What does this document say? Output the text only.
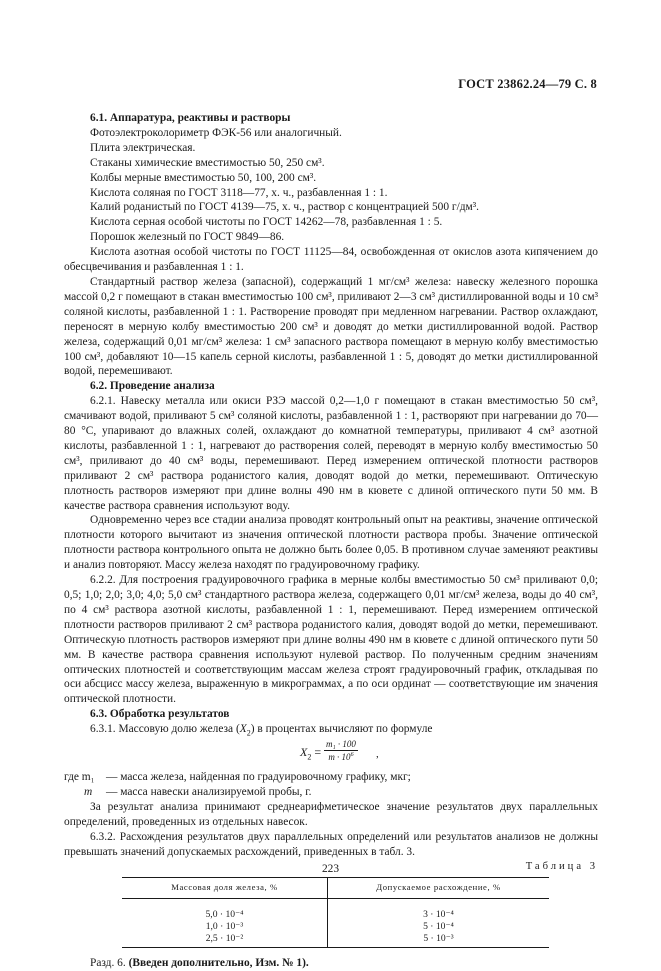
ГОСТ 23862.24—79 С. 8

6.1. Аппаратура, реактивы и растворы

Фотоэлектроколориметр ФЭК-56 или аналогичный.

Плита электрическая.

Стаканы химические вместимостью 50, 250 см³.

Колбы мерные вместимостью 50, 100, 200 см³.

Кислота соляная по ГОСТ 3118—77, х. ч., разбавленная 1 : 1.

Калий роданистый по ГОСТ 4139—75, х. ч., раствор с концентрацией 500 г/дм³.

Кислота серная особой чистоты по ГОСТ 14262—78, разбавленная 1 : 5.

Порошок железный по ГОСТ 9849—86.

Кислота азотная особой чистоты по ГОСТ 11125—84, освобожденная от окислов азота кипячением до обесцвечивания и разбавленная 1 : 1.

Стандартный раствор железа (запасной), содержащий 1 мг/см³ железа: навеску железного порошка массой 0,2 г помещают в стакан вместимостью 100 см³, приливают 2—3 см³ дистиллированной воды и 10 см³ соляной кислоты, разбавленной 1 : 1. Растворение проводят при медленном нагревании. Раствор охлаждают, переносят в мерную колбу вместимостью 200 см³ и доводят до метки дистиллированной водой. Раствор железа, содержащий 0,01 мг/см³ железа: 1 см³ запасного раствора помещают в мерную колбу вместимостью 100 см³, добавляют 10—15 капель серной кислоты, разбавленной 1 : 5, доводят до метки дистиллированной водой, перемешивают.

6.2. Проведение анализа

6.2.1. Навеску металла или окиси РЗЭ массой 0,2—1,0 г помещают в стакан вместимостью 50 см³, смачивают водой, приливают 5 см³ соляной кислоты, разбавленной 1 : 1, растворяют при нагревании до 70—80 °С, упаривают до влажных солей, охлаждают до комнатной температуры, приливают 4 см³ азотной кислоты, разбавленной 1 : 1, нагревают до растворения солей, переводят в мерную колбу вместимостью 50 см³, приливают до 40 см³ воды, перемешивают. Перед измерением оптической плотности растворов приливают 2 см³ раствора роданистого калия, доводят водой до метки, перемешивают. Оптическую плотность растворов измеряют при длине волны 490 нм в кювете с длиной оптического пути 50 мм. В качестве раствора сравнения используют воду.

Одновременно через все стадии анализа проводят контрольный опыт на реактивы, значение оптической плотности которого вычитают из значения оптической плотности раствора пробы. Значение оптической плотности раствора контрольного опыта не должно быть более 0,05. В противном случае заменяют реактивы и анализ повторяют. Массу железа находят по градуировочному графику.

6.2.2. Для построения градуировочного графика в мерные колбы вместимостью 50 см³ приливают 0,0; 0,5; 1,0; 2,0; 3,0; 4,0; 5,0 см³ стандартного раствора железа, содержащего 0,01 мг/см³ железа, воды до 40 см³, по 4 см³ раствора азотной кислоты, разбавленной 1 : 1, перемешивают. Перед измерением оптической плотности растворов приливают 2 см³ раствора роданистого калия, доводят водой до метки, перемешивают. Оптическую плотность растворов измеряют при длине волны 490 нм в кювете с длиной оптического пути 50 мм. В качестве раствора сравнения используют нулевой раствор. По полученным средним значениям оптических плотностей и соответствующим массам железа строят градуировочный график, откладывая по оси абсцисс массу железа, выраженную в микрограммах, а по оси ординат — соответствующие им значения оптической плотности.

6.3. Обработка результатов

6.3.1. Массовую долю железа $(X_2)$ в процентах вычисляют по формуле

$X_2 = \frac{\text{m₁ · 100}}{m \cdot 10^6}$ ,
где m₁ — масса железа, найденная по градуировочному графику, мкг;
m	— масса навески анализируемой пробы, г.

За результат анализа принимают среднеарифметическое значение результатов двух параллельных определений, проведенных из отдельных навесок.

6.3.2. Расхождения результатов двух параллельных определений или результатов анализов не должны превышать значений допускаемых расхождений, приведенных в табл. 3.

Таблица 3

Массовая доля железа, %	Допускаемое расхождение, %
5,0 · 10⁻⁴	3 · 10⁻⁴
1,0 · 10⁻³	5 · 10⁻⁴
2,5 · 10⁻²	5 · 10⁻³

Разд. 6. (Введен дополнительно, Изм. № 1).

223
